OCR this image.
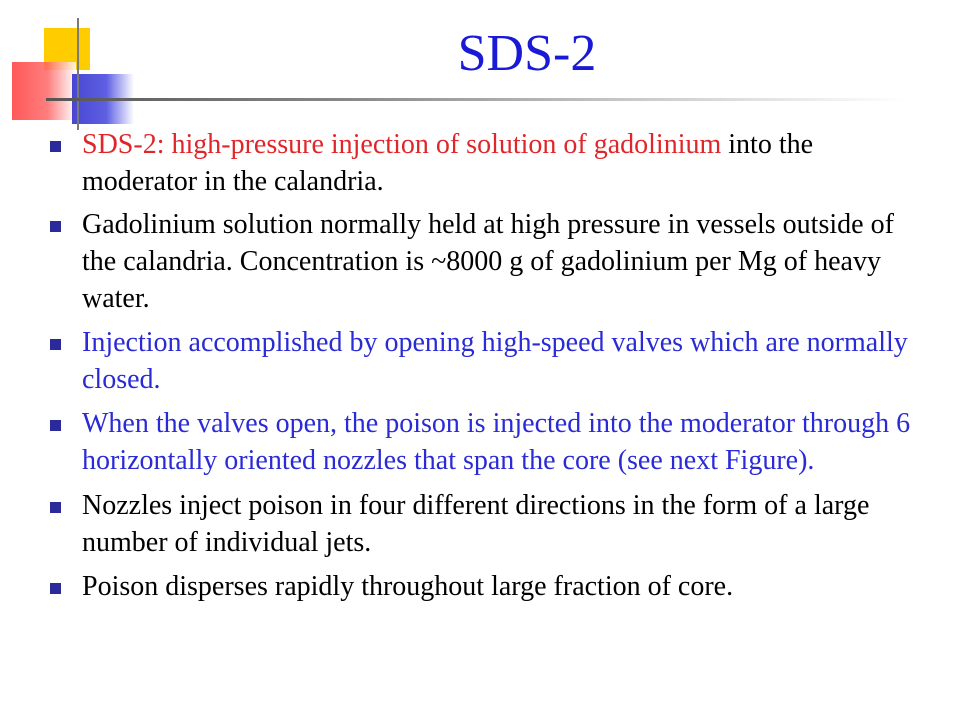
SDS-2
SDS-2: high-pressure injection of solution of gadolinium into the moderator in the calandria.
Gadolinium solution normally held at high pressure in vessels outside of the calandria. Concentration is ~8000 g of gadolinium per Mg of heavy water.
Injection accomplished by opening high-speed valves which are normally closed.
When the valves open, the poison is injected into the moderator through 6 horizontally oriented nozzles that span the core (see next Figure).
Nozzles inject poison in four different directions in the form of a large number of individual jets.
Poison disperses rapidly throughout large fraction of core.
